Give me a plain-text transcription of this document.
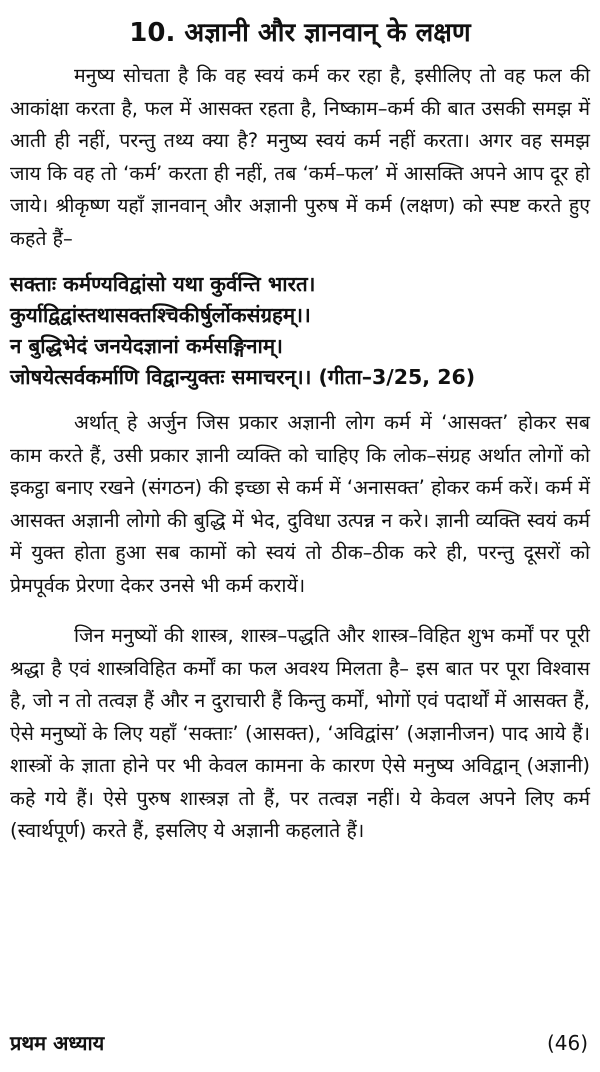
10. अज्ञानी और ज्ञानवान् के लक्षण

मनुष्य सोचता है कि वह स्वयं कर्म कर रहा है, इसीलिए तो वह फल की आकांक्षा करता है, फल में आसक्त रहता है, निष्काम–कर्म की बात उसकी समझ में आती ही नहीं, परन्तु तथ्य क्या है? मनुष्य स्वयं कर्म नहीं करता। अगर वह समझ जाय कि वह तो ‘कर्म’ करता ही नहीं, तब ‘कर्म–फल’ में आसक्ति अपने आप दूर हो जाये। श्रीकृष्ण यहाँ ज्ञानवान् और अज्ञानी पुरुष में कर्म (लक्षण) को स्पष्ट करते हुए कहते हैं–

सक्ताः कर्मण्यविद्वांसो यथा कुर्वन्ति भारत।
कुर्याद्विद्वांस्तथासक्तश्चिकीर्षुर्लोकसंग्रहम्।।
न बुद्धिभेदं जनयेदज्ञानां कर्मसङ्गिनाम्।
जोषयेत्सर्वकर्माणि विद्वान्युक्तः समाचरन्।। (गीता–3/25, 26)

अर्थात् हे अर्जुन जिस प्रकार अज्ञानी लोग कर्म में ‘आसक्त’ होकर सब काम करते हैं, उसी प्रकार ज्ञानी व्यक्ति को चाहिए कि लोक–संग्रह अर्थात लोगों को इकट्ठा बनाए रखने (संगठन) की इच्छा से कर्म में ‘अनासक्त’ होकर कर्म करें। कर्म में आसक्त अज्ञानी लोगो की बुद्धि में भेद, दुविधा उत्पन्न न करे। ज्ञानी व्यक्ति स्वयं कर्म में युक्त होता हुआ सब कामों को स्वयं तो ठीक–ठीक करे ही, परन्तु दूसरों को प्रेमपूर्वक प्रेरणा देकर उनसे भी कर्म करायें।

जिन मनुष्यों की शास्त्र, शास्त्र–पद्धति और शास्त्र–विहित शुभ कर्मों पर पूरी श्रद्धा है एवं शास्त्रविहित कर्मों का फल अवश्य मिलता है– इस बात पर पूरा विश्वास है, जो न तो तत्वज्ञ हैं और न दुराचारी हैं किन्तु कर्मों, भोगों एवं पदार्थों में आसक्त हैं, ऐसे मनुष्यों के लिए यहाँ ‘सक्ताः’ (आसक्त), ‘अविद्वांस’ (अज्ञानीजन) पाद आये हैं। शास्त्रों के ज्ञाता होने पर भी केवल कामना के कारण ऐसे मनुष्य अविद्वान् (अज्ञानी) कहे गये हैं। ऐसे पुरुष शास्त्रज्ञ तो हैं, पर तत्वज्ञ नहीं। ये केवल अपने लिए कर्म (स्वार्थपूर्ण) करते हैं, इसलिए ये अज्ञानी कहलाते हैं।

प्रथम अध्याय	(46)
